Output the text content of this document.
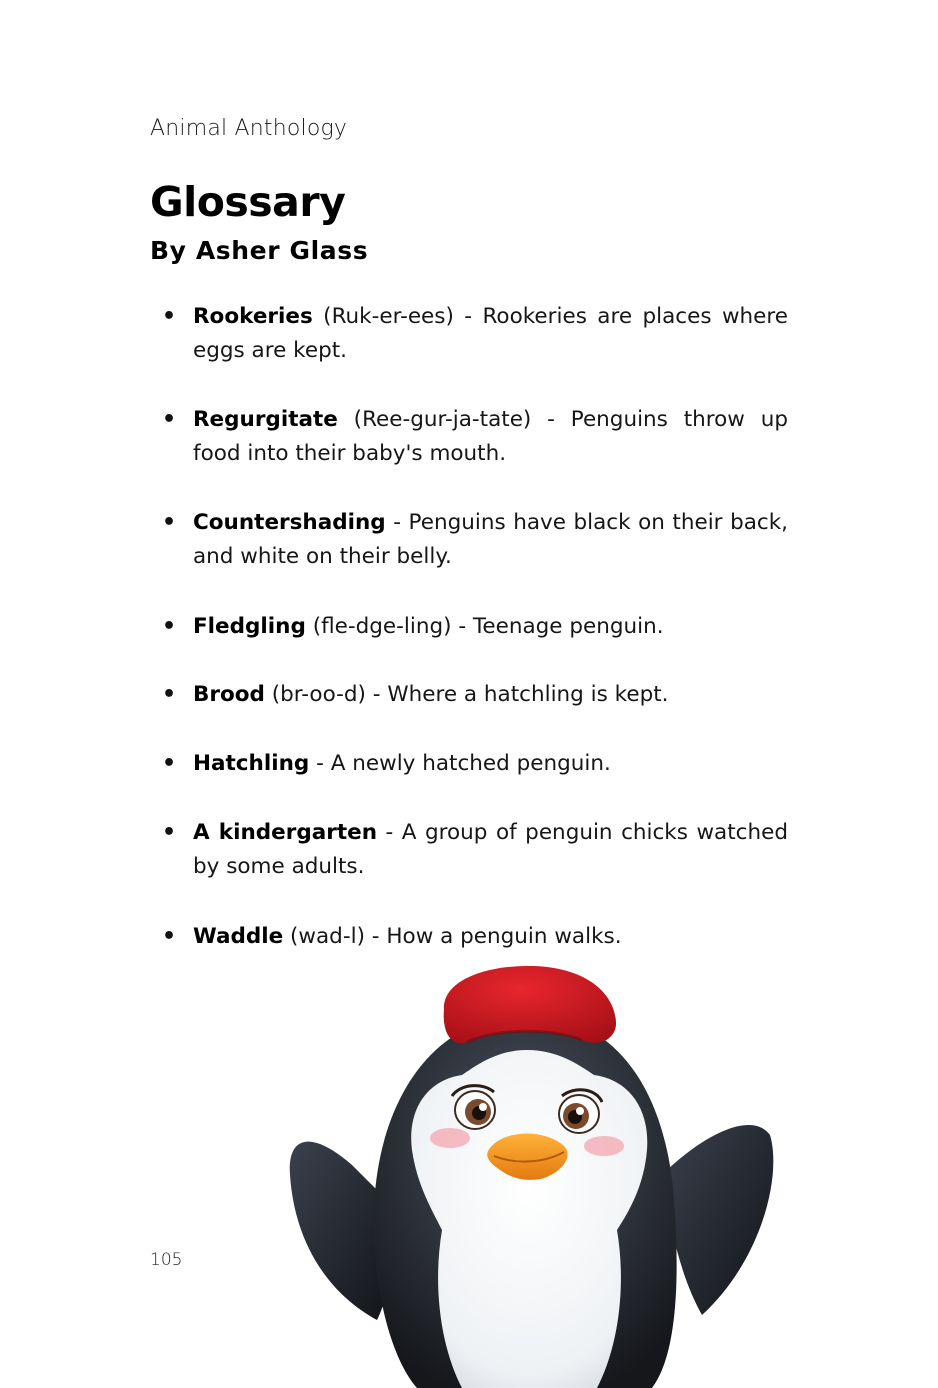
Animal Anthology
Glossary
By Asher Glass
• Rookeries (Ruk-er-ees) - Rookeries are places where eggs are kept.
• Regurgitate (Ree-gur-ja-tate) - Penguins throw up food into their baby's mouth.
• Countershading - Penguins have black on their back, and white on their belly.
• Fledgling (fle-dge-ling) - Teenage penguin.
• Brood (br-oo-d) - Where a hatchling is kept.
• Hatchling - A newly hatched penguin.
• A kindergarten - A group of penguin chicks watched by some adults.
• Waddle (wad-l) - How a penguin walks.
105
